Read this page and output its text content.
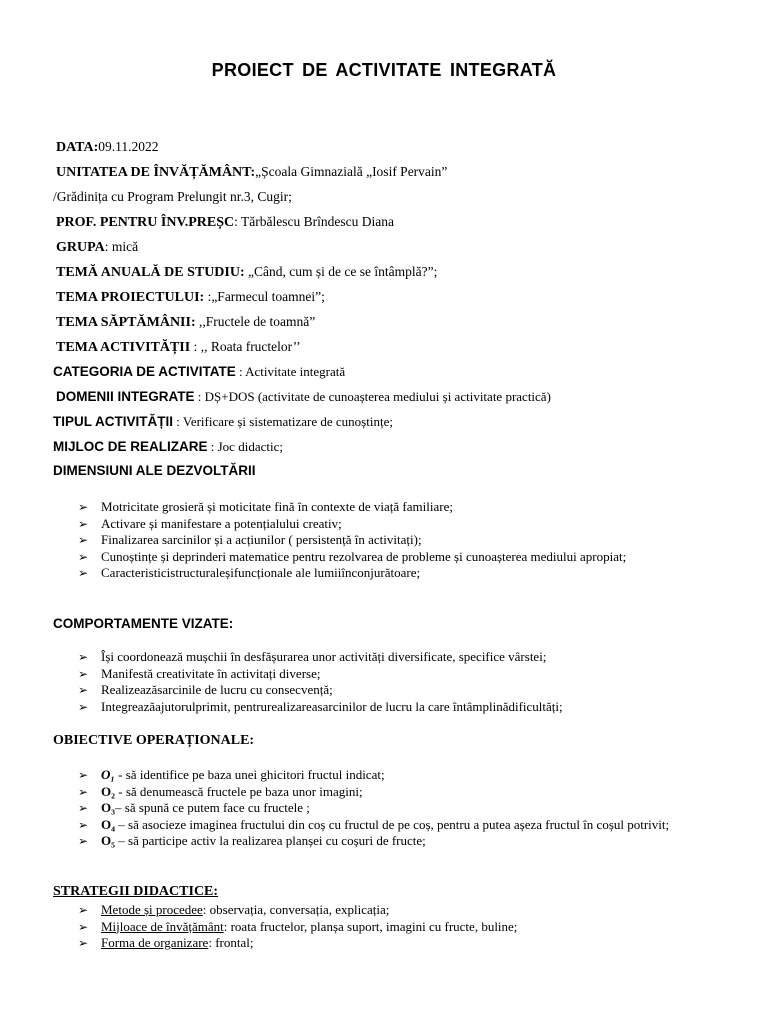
PROIECT DE ACTIVITATE INTEGRATĂ
DATA:09.11.2022
UNITATEA DE ÎNVĂȚĂMÂNT:„Școala Gimnazială „Iosif Pervain”
/Grădinița cu Program Prelungit nr.3, Cugir;
PROF. PENTRU ÎNV.PREȘC: Tărbălescu Brîndescu Diana
GRUPA: mică
TEMĂ ANUALĂ DE STUDIU: „Când, cum și de ce se întâmplă?”;
TEMA PROIECTULUI: :„Farmecul toamnei”;
TEMA SĂPTĂMÂNII: ,,Fructele de toamnă”
TEMA ACTIVITĂȚII : ,, Roata fructelor’’
CATEGORIA DE ACTIVITATE : Activitate integrată
DOMENII INTEGRATE : DȘ+DOS (activitate de cunoașterea mediului și activitate practică)
TIPUL ACTIVITĂȚII : Verificare și sistematizare de cunoștințe;
MIJLOC DE REALIZARE : Joc didactic;
DIMENSIUNI ALE DEZVOLTĂRII
➢ Motricitate grosieră și moticitate fină în contexte de viață familiare;
➢ Activare și manifestare a potențialului creativ;
➢ Finalizarea sarcinilor și a acțiunilor ( persistență în activitați);
➢ Cunoștințe și deprinderi matematice pentru rezolvarea de probleme și cunoașterea mediului apropiat;
➢ Caracteristicistructuraleșifuncționale ale lumiiînconjurătoare;
COMPORTAMENTE VIZATE:
➢ Își coordonează mușchii în desfășurarea unor activități diversificate, specifice vârstei;
➢ Manifestă creativitate în activitați diverse;
➢ Realizeazăsarcinile de lucru cu consecvență;
➢ Integreazăajutorulprimit, pentrurealizareasarcinilor de lucru la care întâmplinădificultăți;
OBIECTIVE OPERAȚIONALE:
➢ O₁ - să identifice pe baza unei ghicitori fructul indicat;
➢ O₂ - să denumească fructele pe baza unor imagini;
➢ O₃– să spună ce putem face cu fructele ;
➢ O₄ – să asocieze imaginea fructului din coș cu fructul de pe coș, pentru a putea așeza fructul în coșul potrivit;
➢ O₅ – să participe activ la realizarea planșei cu coșuri de fructe;
STRATEGII DIDACTICE:
➢ Metode și procedee: observația, conversația, explicația;
➢ Mijloace de învățământ: roata fructelor, planșa suport, imagini cu fructe, buline;
➢ Forma de organizare: frontal;
